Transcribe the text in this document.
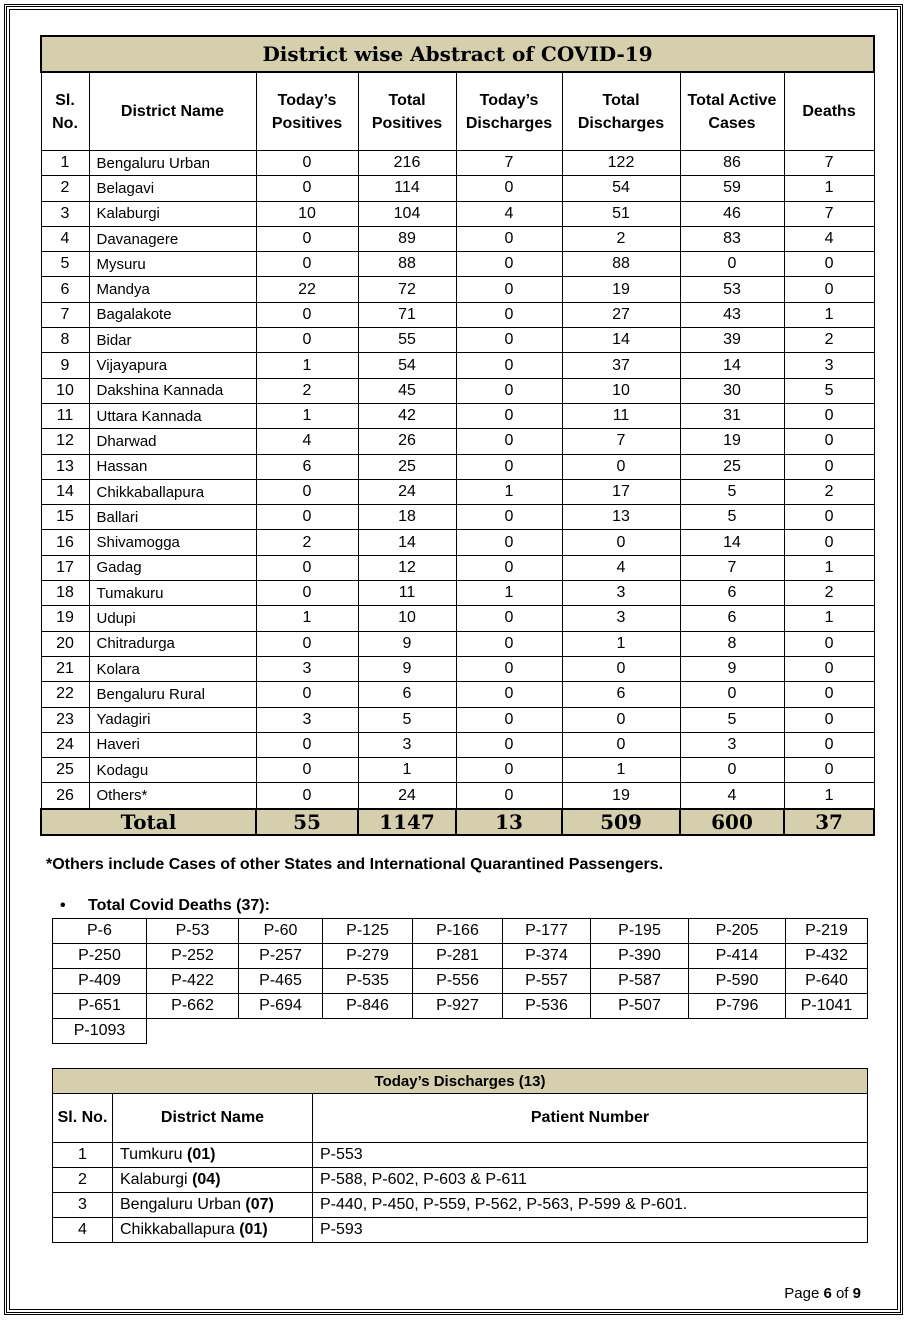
District wise Abstract of COVID-19							
Sl. No.	District Name	Today’s Positives	Total Positives	Today’s Discharges	Total Discharges	Total Active Cases	Deaths
1	Bengaluru Urban	0	216	7	122	86	7
2	Belagavi	0	114	0	54	59	1
3	Kalaburgi	10	104	4	51	46	7
4	Davanagere	0	89	0	2	83	4
5	Mysuru	0	88	0	88	0	0
6	Mandya	22	72	0	19	53	0
7	Bagalakote	0	71	0	27	43	1
8	Bidar	0	55	0	14	39	2
9	Vijayapura	1	54	0	37	14	3
10	Dakshina Kannada	2	45	0	10	30	5
11	Uttara Kannada	1	42	0	11	31	0
12	Dharwad	4	26	0	7	19	0
13	Hassan	6	25	0	0	25	0
14	Chikkaballapura	0	24	1	17	5	2
15	Ballari	0	18	0	13	5	0
16	Shivamogga	2	14	0	0	14	0
17	Gadag	0	12	0	4	7	1
18	Tumakuru	0	11	1	3	6	2
19	Udupi	1	10	0	3	6	1
20	Chitradurga	0	9	0	1	8	0
21	Kolara	3	9	0	0	9	0
22	Bengaluru Rural	0	6	0	6	0	0
23	Yadagiri	3	5	0	0	5	0
24	Haveri	0	3	0	0	3	0
25	Kodagu	0	1	0	1	0	0
26	Others*	0	24	0	19	4	1
Total		55	1147	13	509	600	37
*Others include Cases of other States and International Quarantined Passengers.
• Total Covid Deaths (37):
P-6	P-53	P-60	P-125	P-166	P-177	P-195	P-205	P-219
P-250	P-252	P-257	P-279	P-281	P-374	P-390	P-414	P-432
P-409	P-422	P-465	P-535	P-556	P-557	P-587	P-590	P-640
P-651	P-662	P-694	P-846	P-927	P-536	P-507	P-796	P-1041
P-1093								
Today’s Discharges (13)		
Sl. No.	District Name	Patient Number
1	Tumkuru (01)	P-553
2	Kalaburgi (04)	P-588, P-602, P-603 & P-611
3	Bengaluru Urban (07)	P-440, P-450, P-559, P-562, P-563, P-599 & P-601.
4	Chikkaballapura (01)	P-593
Page 6 of 9
